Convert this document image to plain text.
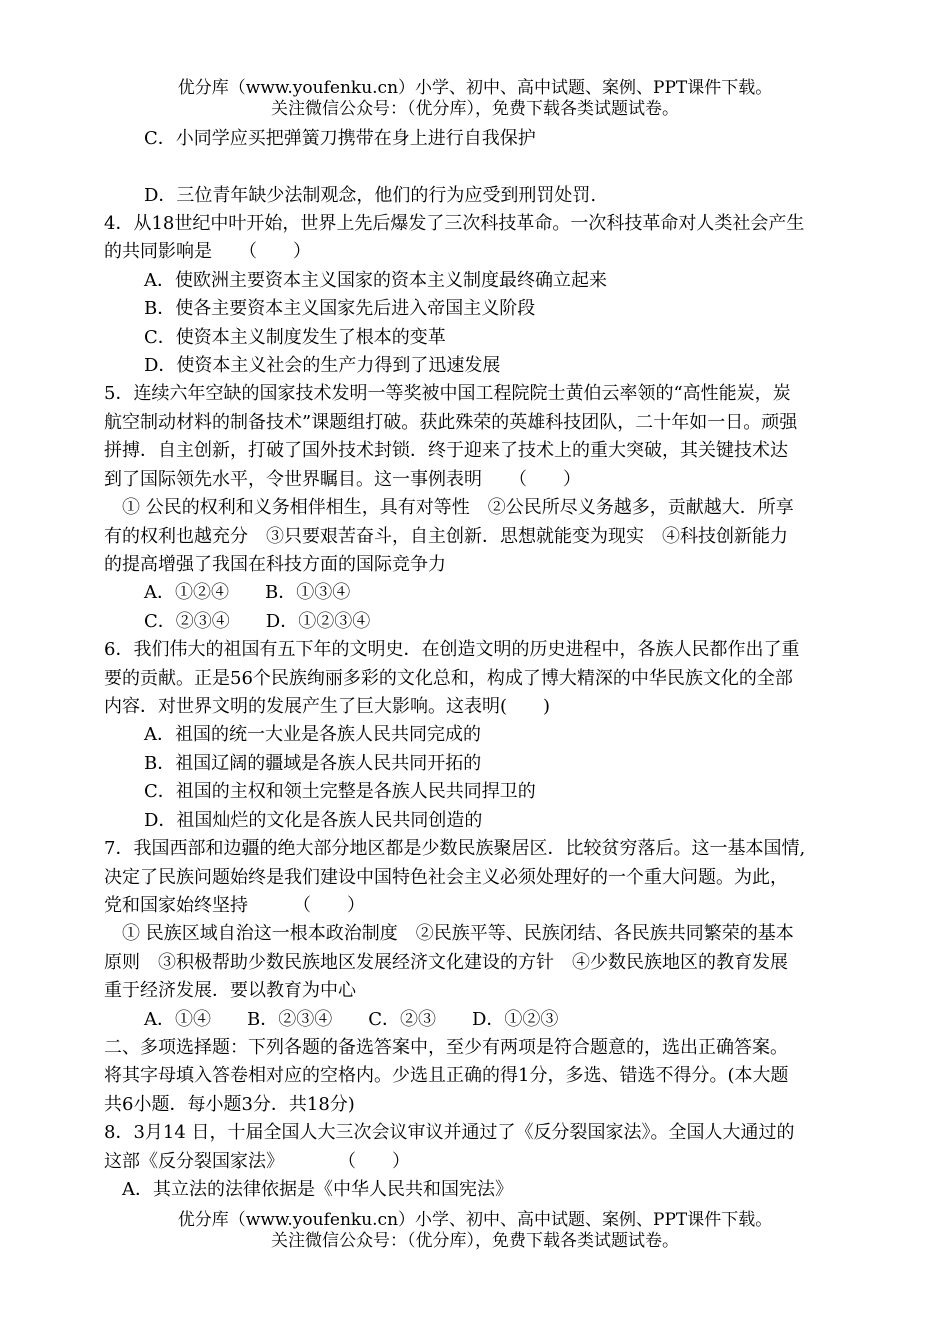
优分库（www.youfenku.cn）小学、初中、高中试题、案例、PPT课件下载。
关注微信公众号：（优分库），免费下载各类试题试卷。
C．小同学应买把弹簧刀携带在身上进行自我保护
D．三位青年缺少法制观念，他们的行为应受到刑罚处罚.
4．从18世纪中叶开始，世界上先后爆发了三次科技革命。一次科技革命对人类社会产生
的共同影响是　　（　　）
A．使欧洲主要资本主义国家的资本主义制度最终确立起来
B．使各主要资本主义国家先后进入帝国主义阶段
C．使资本主义制度发生了根本的变革
D．使资本主义社会的生产力得到了迅速发展
5．连续六年空缺的国家技术发明一等奖被中国工程院院士黄伯云率领的“高性能炭，炭
航空制动材料的制备技术”课题组打破。获此殊荣的英雄科技团队，二十年如一日。顽强
拼搏．自主创新，打破了国外技术封锁．终于迎来了技术上的重大突破，其关键技术达
到了国际领先水平，令世界瞩目。这一事例表明　　（　　）
① 公民的权利和义务相伴相生，具有对等性　②公民所尽义务越多，贡献越大．所享
有的权利也越充分　③只要艰苦奋斗，自主创新．思想就能变为现实　④科技创新能力
的提高增强了我国在科技方面的国际竞争力
A．①②④　　B．①③④
C．②③④　　D．①②③④
6．我们伟大的祖国有五下年的文明史．在创造文明的历史进程中，各族人民都作出了重
要的贡献。正是56个民族绚丽多彩的文化总和，构成了博大精深的中华民族文化的全部
内容．对世界文明的发展产生了巨大影响。这表明(　　)
A．祖国的统一大业是各族人民共同完成的
B．祖国辽阔的疆域是各族人民共同开拓的
C．祖国的主权和领土完整是各族人民共同捍卫的
D．祖国灿烂的文化是各族人民共同创造的
7．我国西部和边疆的绝大部分地区都是少数民族聚居区．比较贫穷落后。这一基本国情,
决定了民族问题始终是我们建设中国特色社会主义必须处理好的一个重大问题。为此，
党和国家始终坚持　　　（　　）
① 民族区域自治这一根本政治制度　②民族平等、民族闭结、各民族共同繁荣的基本
原则　③积极帮助少数民族地区发展经济文化建设的方针　④少数民族地区的教育发展
重于经济发展．要以教育为中心
A．①④　　B．②③④　　C．②③　　D．①②③
二、多项选择题：下列各题的备选答案中，至少有两项是符合题意的，选出正确答案。
将其字母填入答卷相对应的空格内。少选且正确的得1分，多选、错选不得分。(本大题
共6小题．每小题3分．共18分)
8．3月14 日，十届全国人大三次会议审议并通过了《反分裂国家法》。全国人大通过的
这部《反分裂国家法》　　　　（　　）
A．其立法的法律依据是《中华人民共和国宪法》
优分库（www.youfenku.cn）小学、初中、高中试题、案例、PPT课件下载。
关注微信公众号：（优分库），免费下载各类试题试卷。
